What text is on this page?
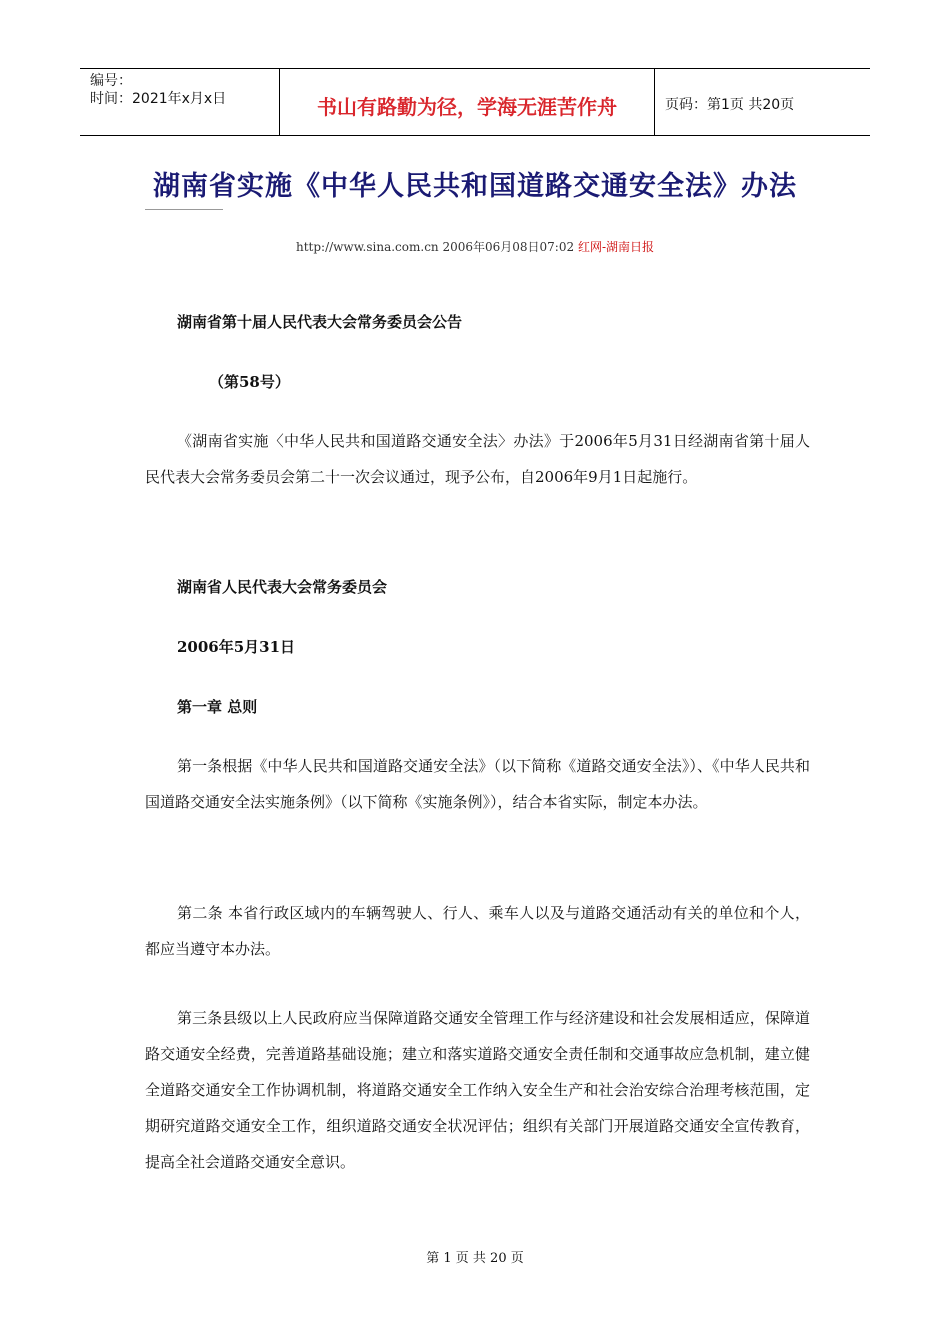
编号：
时间：2021年x月x日	书山有路勤为径，学海无涯苦作舟	页码：第1页 共20页
湖南省实施《中华人民共和国道路交通安全法》办法
http://www.sina.com.cn 2006年06月08日07:02 红网-湖南日报
湖南省第十届人民代表大会常务委员会公告
（第58号）
《湖南省实施〈中华人民共和国道路交通安全法〉办法》于2006年5月31日经湖南省第十届人民代表大会常务委员会第二十一次会议通过，现予公布，自2006年9月1日起施行。
湖南省人民代表大会常务委员会
2006年5月31日
第一章 总则
第一条根据《中华人民共和国道路交通安全法》（以下简称《道路交通安全法》）、《中华人民共和国道路交通安全法实施条例》（以下简称《实施条例》），结合本省实际，制定本办法。
第二条 本省行政区域内的车辆驾驶人、行人、乘车人以及与道路交通活动有关的单位和个人，都应当遵守本办法。
第三条县级以上人民政府应当保障道路交通安全管理工作与经济建设和社会发展相适应，保障道路交通安全经费，完善道路基础设施；建立和落实道路交通安全责任制和交通事故应急机制，建立健全道路交通安全工作协调机制，将道路交通安全工作纳入安全生产和社会治安综合治理考核范围，定期研究道路交通安全工作，组织道路交通安全状况评估；组织有关部门开展道路交通安全宣传教育，提高全社会道路交通安全意识。
第 1 页 共 20 页
